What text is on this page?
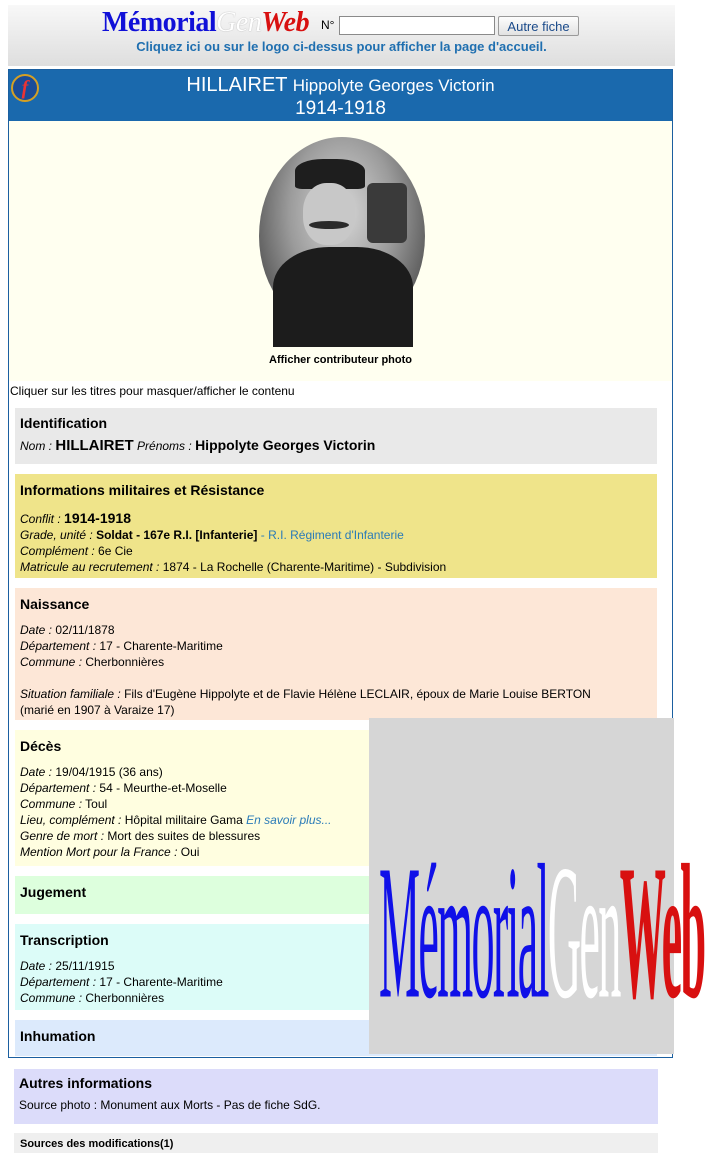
MémorialGenWeb N°	Autre fiche
Cliquez ici ou sur le logo ci-dessus pour afficher la page d'accueil.
f	HILLAIRET Hippolyte Georges Victorin
1914-1918
Afficher contributeur photo
Cliquer sur les titres pour masquer/afficher le contenu
Identification
Nom : HILLAIRET Prénoms : Hippolyte Georges Victorin
Informations militaires et Résistance
Conflit : 1914-1918
Grade, unité : Soldat - 167e R.I. [Infanterie] - R.I. Régiment d'Infanterie
Complément : 6e Cie
Matricule au recrutement : 1874 - La Rochelle (Charente-Maritime) - Subdivision
Naissance
Date : 02/11/1878
Département : 17 - Charente-Maritime
Commune : Cherbonnières
Situation familiale : Fils d'Eugène Hippolyte et de Flavie Hélène LECLAIR, époux de Marie Louise BERTON
(marié en 1907 à Varaize 17)
Décès
Date : 19/04/1915 (36 ans)
Département : 54 - Meurthe-et-Moselle
Commune : Toul
Lieu, complément : Hôpital militaire Gama En savoir plus...
Genre de mort : Mort des suites de blessures
Mention Mort pour la France : Oui
Jugement
Transcription
Date : 25/11/1915
Département : 17 - Charente-Maritime
Commune : Cherbonnières
Inhumation	MémorialGenWeb
Autres informations
Source photo : Monument aux Morts - Pas de fiche SdG.
Sources des modifications(1)
